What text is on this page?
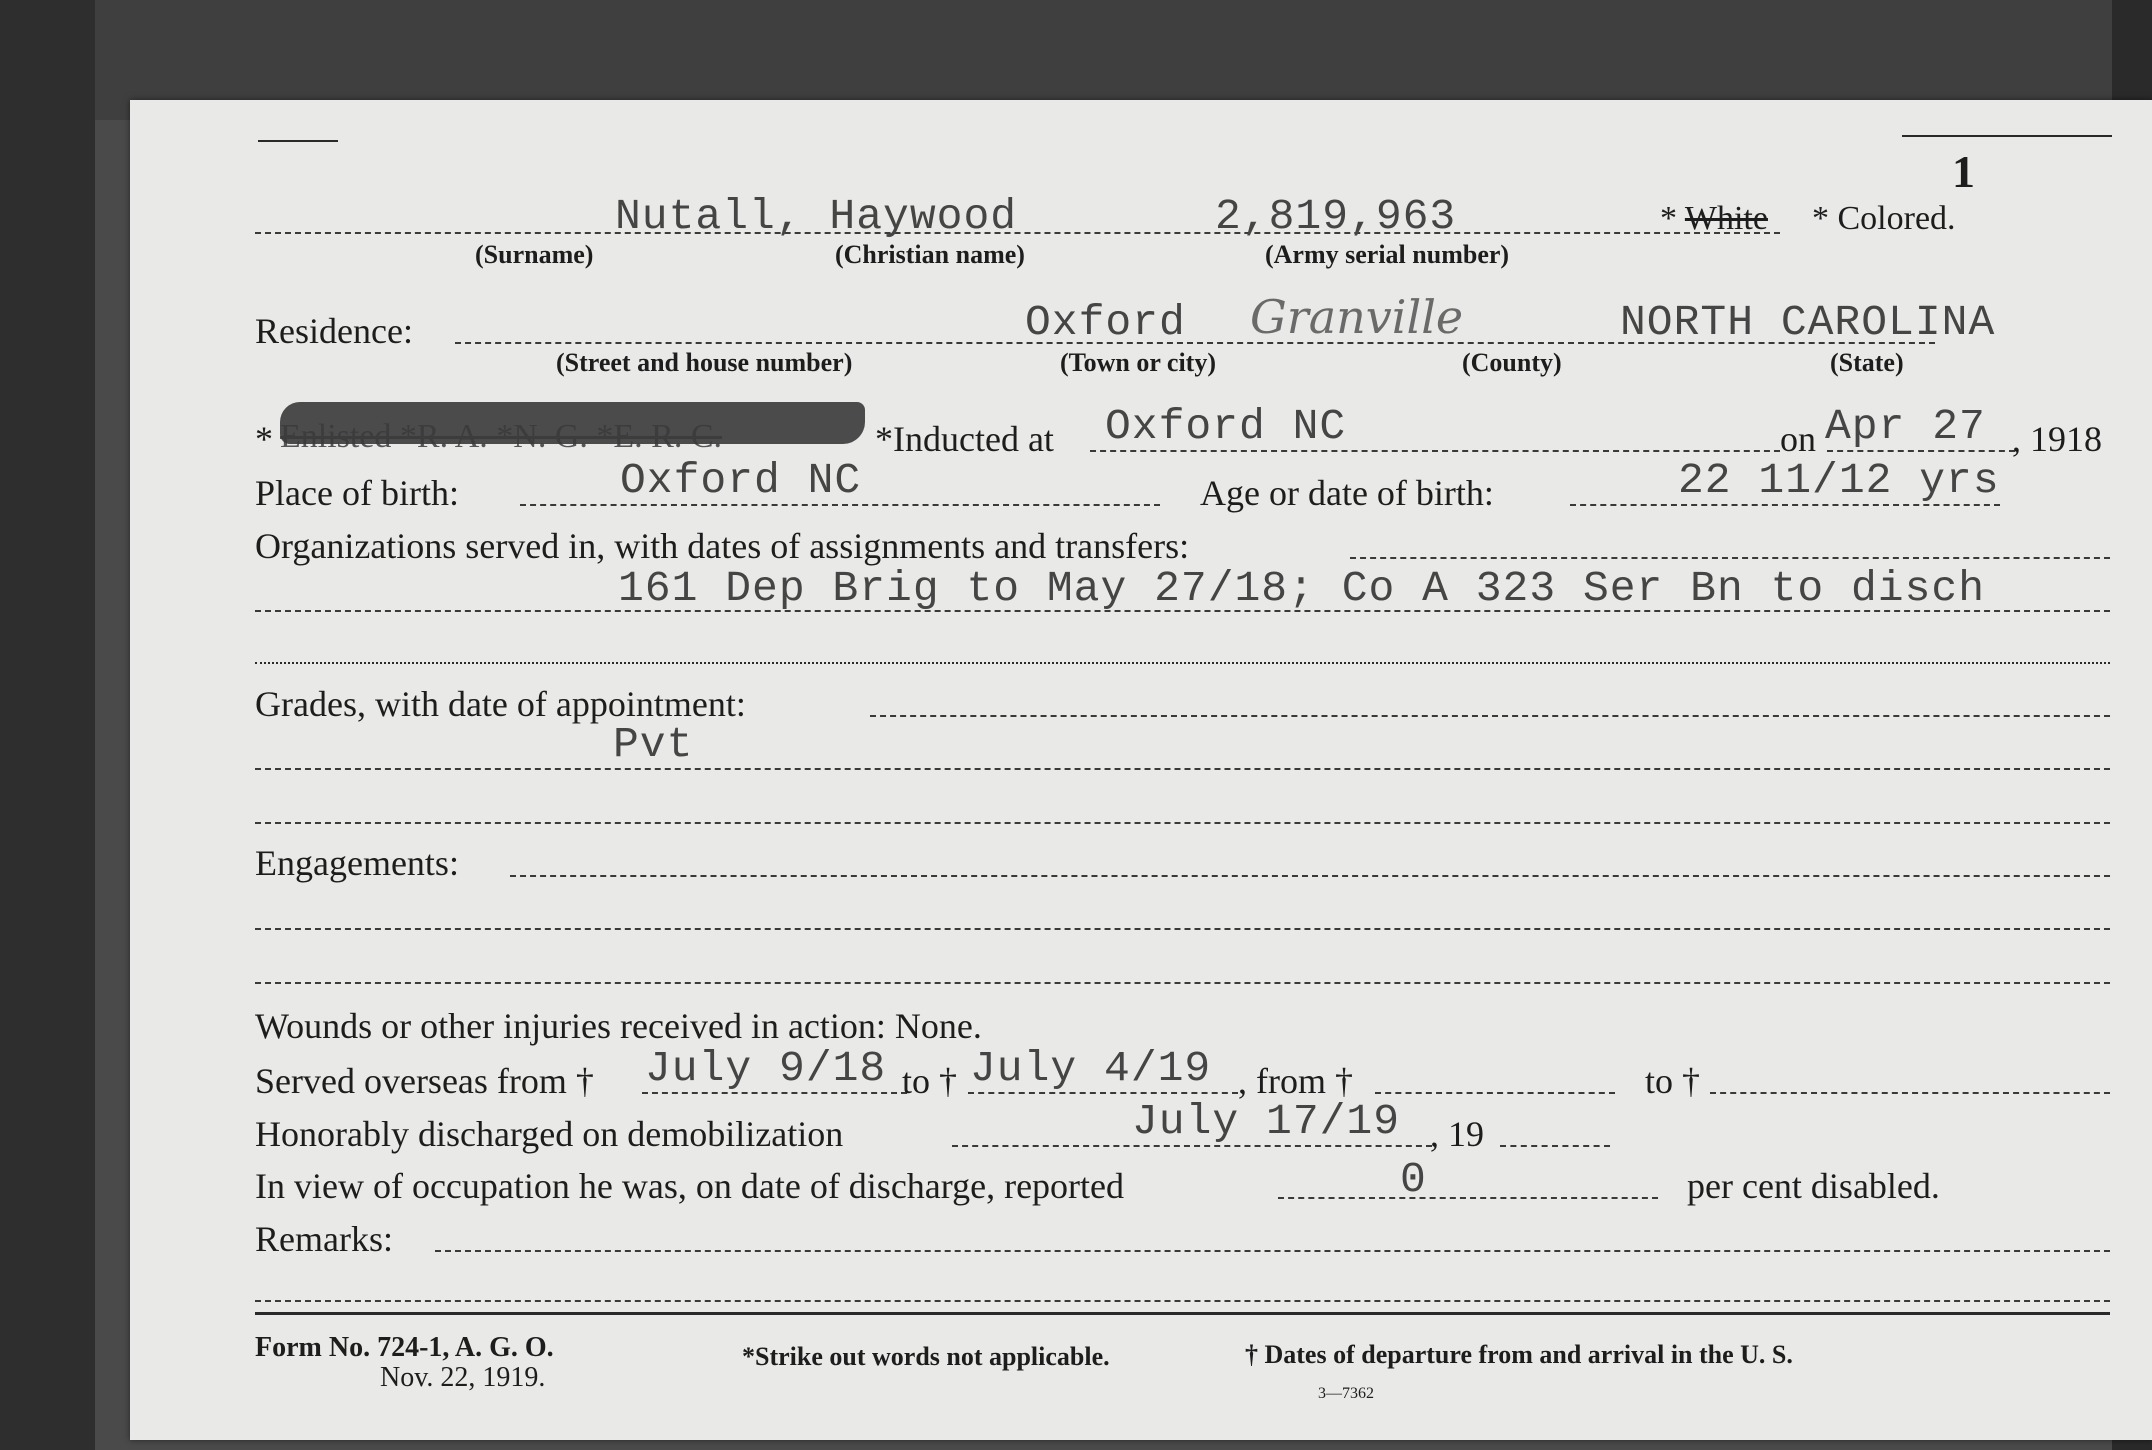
1
Nutall, Haywood	2,819,963	* White * Colored.
(Surname)	(Christian name)	(Army serial number)
Residence:	Oxford Granville	NORTH CAROLINA
(Street and house number)	(Town or city)	(County)	(State)
*	*Inducted at Oxford NC	on Apr 27 , 1918
Place of birth:	Oxford NC	Age or date of birth:	22 11/12 yrs
Organizations served in, with dates of assignments and transfers:
161 Dep Brig to May 27/18; Co A 323 Ser Bn to disch
Grades, with date of appointment:
Pvt
Engagements:
Wounds or other injuries received in action: None.
Served overseas from † July 9/18 to † July 4/19 , from †	to †
Honorably discharged on demobilization	July 17/19 , 19
In view of occupation he was, on date of discharge, reported	0	per cent disabled.
Remarks:
Form No. 724-1, A. G. O.
Nov. 22, 1919.
*Strike out words not applicable.	† Dates of departure from and arrival in the U. S.
3—7362
